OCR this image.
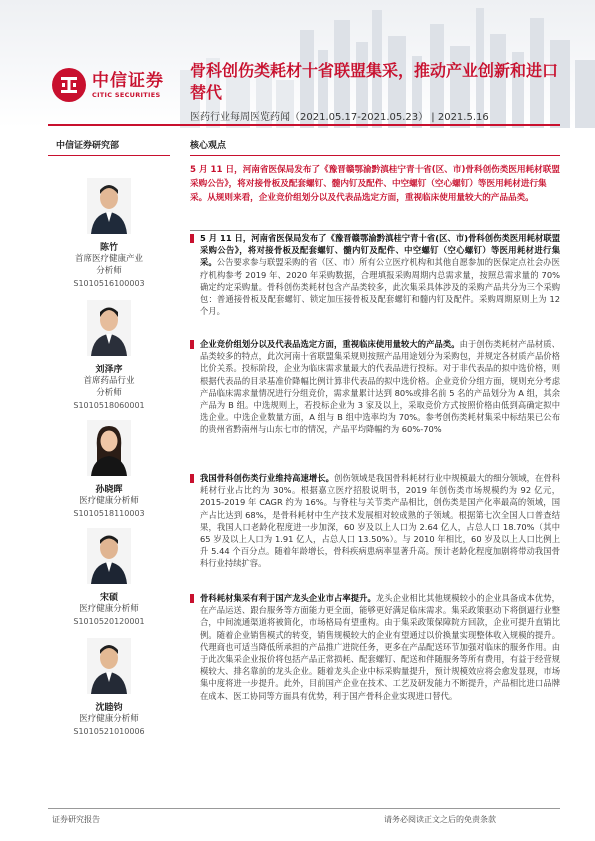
中信证券
CITIC SECURITIES
骨科创伤类耗材十省联盟集采，推动产业创新和进口替代
医药行业每周医览药闻（2021.05.17-2021.05.23） | 2021.5.16
中信证券研究部	核心观点
陈竹
首席医疗健康产业
分析师
S1010516100003
刘泽序
首席药品行业
分析师
S1010518060001
孙晓晖
医疗健康分析师
S1010518110003
宋硕
医疗健康分析师
S1010520120001
沈睦钧
医疗健康分析师
S1010521010006
5 月 11 日，河南省医保局发布了《豫晋赣鄂渝黔滇桂宁青十省(区、市)骨科创伤类医用耗材联盟采购公告》，将对接骨板及配套螺钉、髓内钉及配件、中空螺钉（空心螺钉）等医用耗材进行集采。从规则来看，企业竞价组划分以及代表品选定方面，重视临床使用量较大的产品品类。
5 月 11 日，河南省医保局发布了《豫晋赣鄂渝黔滇桂宁青十省(区、市)骨科创伤类医用耗材联盟采购公告》，将对接骨板及配套螺钉、髓内钉及配件、中空螺钉（空心螺钉）等医用耗材进行集采。公告要求参与联盟采购的省（区、市）所有公立医疗机构和其他自愿参加的医保定点社会办医疗机构参考 2019 年、2020 年采购数据，合理填报采购周期内总需求量，按照总需求量的 70%确定约定采购量。骨科创伤类耗材包含产品类较多，此次集采具体涉及的采购产品共分为三个采购包：普通接骨板及配套螺钉、锁定加压接骨板及配套螺钉和髓内钉及配件。采购周期原则上为 12 个月。
企业竞价组划分以及代表品选定方面，重视临床使用量较大的产品类。由于创伤类耗材产品材质、品类较多的特点，此次河南十省联盟集采规则按照产品用途划分为采购包，并规定各材质产品价格比价关系。投标阶段，企业为临床需求量最大的代表品进行投标。对于非代表品的拟中选价格，则根据代表品的目录基准价降幅比例计算非代表品的拟中选价格。企业竞价分组方面，规则充分考虑产品临床需求量情况进行分组竞价，需求量累计达到 80%或排名前 5 名的产品划分为 A 组，其余产品为 B 组。中选规则上，若投标企业为 3 家及以上，采取竞价方式按照价格由低到高确定拟中选企业。中选企业数量方面，A 组与 B 组中选率均为 70%。参考创伤类耗材集采中标结果已公布的贵州省黔南州与山东七市的情况，产品平均降幅约为 60%-70%
我国骨科创伤类行业维持高速增长。创伤领域是我国骨科耗材行业中规模最大的细分领域，在骨科耗材行业占比约为 30%。根据嘉立医疗招股说明书，2019 年创伤类市场规模约为 92 亿元，2015-2019 年 CAGR 约为 16%。与脊柱与关节类产品相比，创伤类是国产化率最高的领域，国产占比达到 68%，是骨科耗材中生产技术发展相对较成熟的子领域。根据第七次全国人口普查结果，我国人口老龄化程度进一步加深，60 岁及以上人口为 2.64 亿人，占总人口 18.70%（其中 65 岁及以上人口为 1.91 亿人，占总人口 13.50%）。与 2010 年相比，60 岁及以上人口比例上升 5.44 个百分点。随着年龄增长，骨科疾病患病率显著升高。预计老龄化程度加剧将带动我国骨科行业持续扩容。
骨科耗材集采有利于国产龙头企业市占率提升。龙头企业相比其他规模较小的企业具备成本优势，在产品运送、跟台服务等方面能力更全面，能够更好满足临床需求。集采政策驱动下将倒逼行业整合，中间流通渠道将被简化，市场格局有望重构。由于集采政策保障院方回款，企业可提升直销比例。随着企业销售模式的转变，销售规模较大的企业有望通过以价换量实现整体收入规模的提升。代理商也可适当降低所承担的产品推广进院任务，更多在产品配送环节加强对临床的服务作用。由于此次集采企业报价将包括产品正常损耗、配套螺钉、配送和伴随服务等所有费用，有益于经营规模较大、排名靠前的龙头企业。随着龙头企业中标采购量提升，预计规模效应将会愈发显现，市场集中度将进一步提升。此外，目前国产企业在技术、工艺及研发能力不断提升，产品相比进口品牌在成本、医工协同等方面具有优势，利于国产骨科企业实现进口替代。
证券研究报告	请务必阅读正文之后的免责条款
